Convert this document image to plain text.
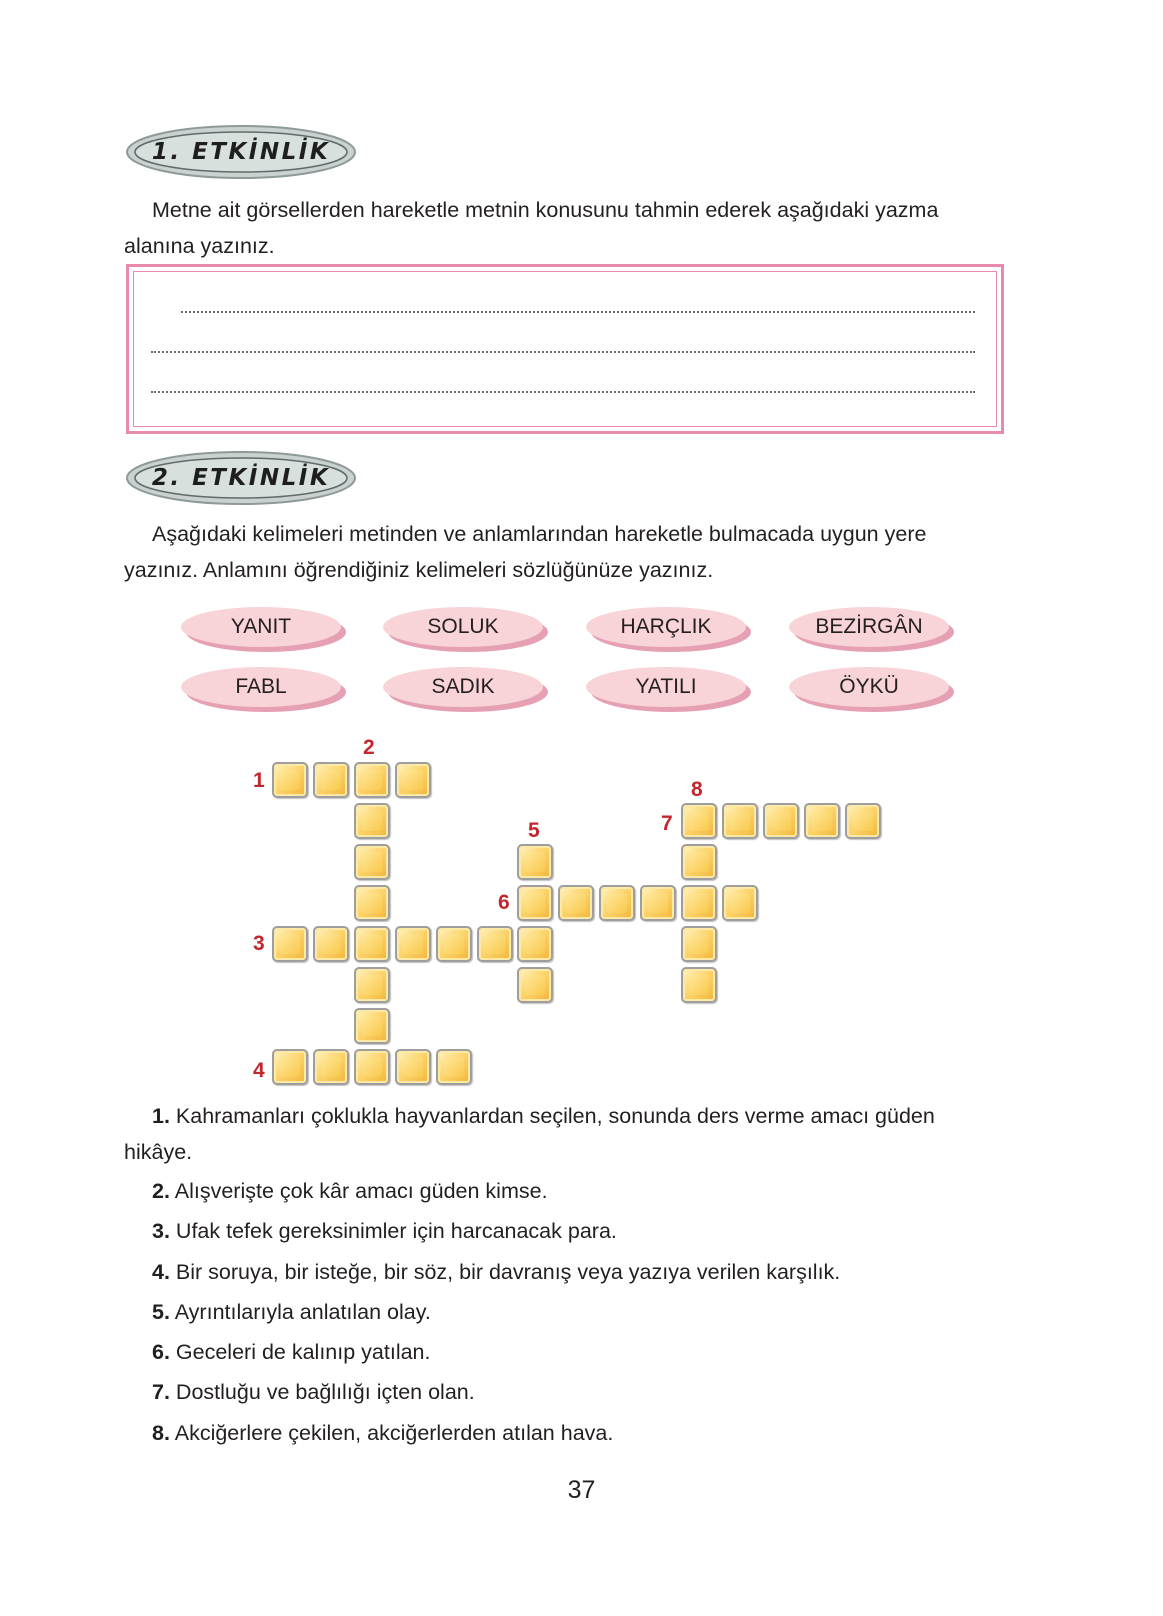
1. ETKİNLİK
Metne ait görsellerden hareketle metnin konusunu tahmin ederek aşağıdaki yazma alanına yazınız.
2. ETKİNLİK
Aşağıdaki kelimeleri metinden ve anlamlarından hareketle bulmacada uygun yere yazınız. Anlamını öğrendiğiniz kelimeleri sözlüğünüze yazınız.
YANIT	SOLUK	HARÇLIK	BEZİRGÂN
FABL	SADIK	YATILI	ÖYKÜ
1
2
3
4
5
6
7
8
1. Kahramanları çoklukla hayvanlardan seçilen, sonunda ders verme amacı güden hikâye.
2. Alışverişte çok kâr amacı güden kimse.
3. Ufak tefek gereksinimler için harcanacak para.
4. Bir soruya, bir isteğe, bir söz, bir davranış veya yazıya verilen karşılık.
5. Ayrıntılarıyla anlatılan olay.
6. Geceleri de kalınıp yatılan.
7. Dostluğu ve bağlılığı içten olan.
8. Akciğerlere çekilen, akciğerlerden atılan hava.
37
